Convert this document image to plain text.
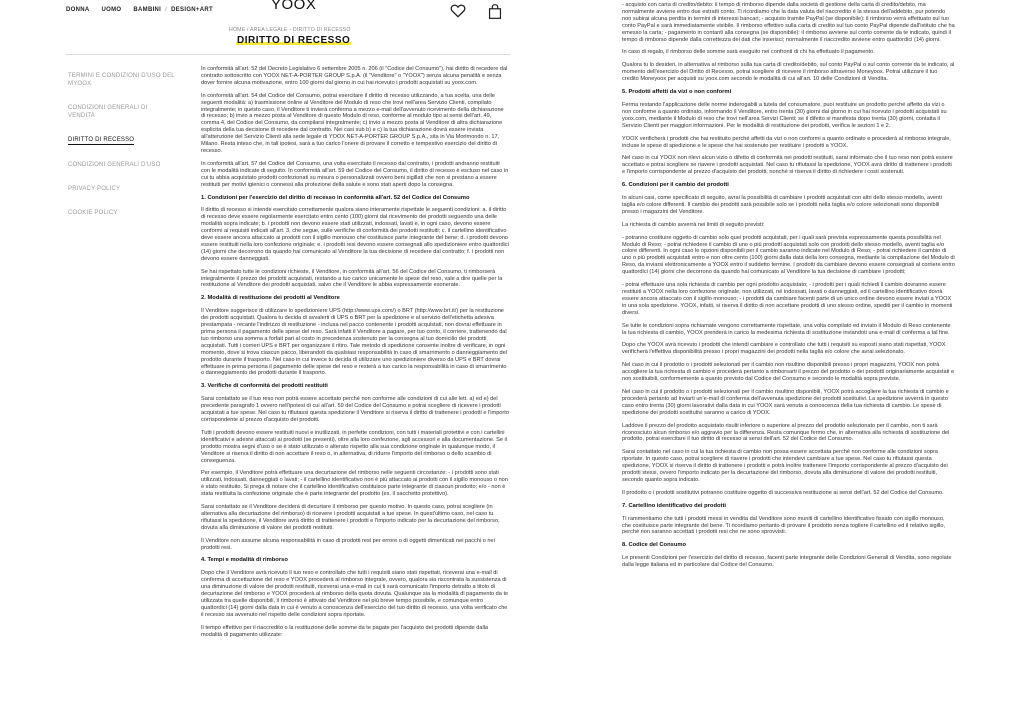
DONNA UOMO BAMBINI / DESIGN+ART	YOOX
HOME / AREA LEGALE - DIRITTO DI RECESSO
DIRITTO DI RECESSO
TERMINI E CONDIZIONI D'USO DEL MYOOX
CONDIZIONI GENERALI DI VENDITA
DIRITTO DI RECESSO
CONDIZIONI GENERALI D'USO
PRIVACY POLICY
COOKIE POLICY

In conformità all'art. 52 del Decreto Legislativo 6 settembre 2005 n. 206 (il "Codice del Consumo"), hai diritto di recedere dal contratto sottoscritto con YOOX NET-A-PORTER GROUP S.p.A. (il "Venditore" o "YOOX") senza alcuna penalità e senza dover fornire alcuna motivazione, entro 100 giorni dal giorno in cui hai ricevuto i prodotti acquistati su yoox.com.

In conformità all'art. 54 del Codice del Consumo, potrai esercitare il diritto di recesso utilizzando, a tua scelta, una delle seguenti modalità: a) trasmissione online al Venditore del Modulo di reso che trovi nell'area Servizio Clienti, compilato integralmente; in questo caso, il Venditore ti invierà conferma a mezzo e-mail dell'avvenuto ricevimento della dichiarazione di recesso; b) invio a mezzo posta al Venditore di questo Modulo di reso, conforme al modulo tipo ai sensi dell'art. 49, comma 4, del Codice del Consumo, da compilarsi integralmente; c) invio a mezzo posta al Venditore di altra dichiarazione esplicita della tua decisione di recedere dal contratto. Nei casi sub b) e c) la tua dichiarazione dovrà essere inviata all'attenzione del Servizio Clienti alla sede legale di YOOX NET-A-PORTER GROUP S.p.A., sita in Via Morimondo n. 17, Milano. Resta inteso che, in tali ipotesi, sarà a tuo carico l'onere di provare il corretto e tempestivo esercizio del diritto di recesso.

In conformità all'art. 57 del Codice del Consumo, una volta esercitato il recesso dal contratto, i prodotti andranno restituiti con le modalità indicate di seguito. In conformità all'art. 59 del Codice del Consumo, il diritto di recesso è escluso nel caso in cui tu abbia acquistato prodotti confezionati su misura o personalizzati ovvero beni sigillati che non si prestano a essere restituiti per motivi igienici o connessi alla protezione della salute e sono stati aperti dopo la consegna.

1. Condizioni per l'esercizio del diritto di recesso in conformità all'art. 52 del Codice del Consumo

Il diritto di recesso si intende esercitato correttamente qualora siano interamente rispettate le seguenti condizioni: a. il diritto di recesso deve essere regolarmente esercitato entro cento (100) giorni dal ricevimento dei prodotti seguendo una delle modalità sopra indicate; b. i prodotti non devono essere stati utilizzati, indossati, lavati e, in ogni caso, devono essere conformi ai requisiti indicati all'art. 3, che segue, sulle verifiche di conformità dei prodotti restituiti; c. il cartellino identificativo deve essere ancora attaccato ai prodotti con il sigillo monouso che costituisce parte integrante del bene; d. i prodotti devono essere restituiti nella loro confezione originale; e. i prodotti resi devono essere consegnati allo spedizioniere entro quattordici (14) giorni che decorrono da quando hai comunicato al Venditore la tua decisione di recedere dal contratto; f. i prodotti non devono essere danneggiati.

Se hai rispettato tutte le condizioni richieste, il Venditore, in conformità all'art. 56 del Codice del Consumo, ti rimborserà integralmente il prezzo dei prodotti acquistati, restando a tuo carico unicamente le spese del reso, vale a dire quelle per la restituzione al Venditore dei prodotti acquistati, salvo che il Venditore le abbia espressamente esonerate.

2. Modalità di restituzione dei prodotti al Venditore

Il Venditore suggerisce di utilizzare lo spedizioniere UPS (http://www.ups.com/) o BRT (http://www.brt.it/) per la restituzione dei prodotti acquistati. Qualora tu decida di avvalerti di UPS o BRT per la spedizione e al servizio dell'etichetta adesiva prestampata - recante l'indirizzo di restituzione - inclusa nel pacco contenente i prodotti acquistati, non dovrai effettuare in prima persona il pagamento delle spese del reso. Sarà infatti il Venditore a pagare, per tuo conto, il corriere, trattenendo dal tuo rimborso una somma a forfait pari al costo in precedenza sostenuto per la consegna al tuo domicilio dei prodotti acquistati. Tutti i corrieri UPS e BRT per organizzare il ritiro. Tale metodo di spedizione consente inoltre di verificare, in ogni momento, dove si trova ciascun pacco, liberandoti da qualsiasi responsabilità in caso di smarrimento o danneggiamento del prodotto durante il trasporto. Nel caso in cui invece tu decida di utilizzare uno spedizioniere diverso da UPS e BRT dovrai effettuare in prima persona il pagamento delle spese del reso e resterà a tuo carico la responsabilità in caso di smarrimento o danneggiamento dei prodotti durante il trasporto.

3. Verifiche di conformità dei prodotti restituiti

Sarai contattato se il tuo reso non potrà essere accettato perché non conforme alle condizioni di cui alle lett. a) ed e) del precedente paragrafo 1 ovvero nell'ipotesi di cui all'art. 59 del Codice del Consumo e potrai scegliere di ricevere i prodotti acquistati a tue spese. Nel caso tu rifiutassi questa spedizione il Venditore si riserva il diritto di trattenere i prodotti e l'importo corrispondente al prezzo d'acquisto dei prodotti.

Tutti i prodotti devono essere restituiti nuovi e inutilizzati, in perfette condizioni, con tutti i materiali protettivi e con i cartellini identificativi e adesivi attaccati ai prodotti (se presenti), oltre alla loro confezione, agli accessori e alla documentazione. Se il prodotto mostra segni d'uso o se è stato utilizzato o alterato rispetto alla sua condizione originale in qualunque modo, il Venditore si riserva il diritto di non accettare il reso o, in alternativa, di ridurre l'importo del rimborso o dello scambio di conseguenza.

Per esempio, il Venditore potrà effettuare una decurtazione del rimborso nelle seguenti circostanze: - i prodotti sono stati utilizzati, indossati, danneggiati o lavati; - il cartellino identificativo non è più attaccato ai prodotti con il sigillo monouso o non è stato restituito. Si prega di notare che il cartellino identificativo costituisce parte integrante di ciascun prodotto; e/o - non è stata restituita la confezione originale che è parte integrante del prodotto (es. il sacchetto protettivo).

Sarai contattato se il Venditore deciderà di decurtare il rimborso per questo motivo. In questo caso, potrai scegliere (in alternativa alla decurtazione del rimborso) di ricevere i prodotti acquistati a tue spese. In quest'ultimo caso, nel caso tu rifiutassi la spedizione, il Venditore avrà diritto di trattenere i prodotti e l'importo indicato per la decurtazione del rimborso, dovuta alla diminuzione di valore dei prodotti restituiti.

Il Venditore non assume alcuna responsabilità in caso di prodotti resi per errore o di oggetti dimenticati nei pacchi o nei prodotti resi.

4. Tempi e modalità di rimborso

Dopo che il Venditore avrà ricevuto il tuo reso e controllato che tutti i requisiti siano stati rispettati, riceverai una e-mail di conferma di accettazione del reso e YOOX procederà al rimborso integrale, ovvero, qualora sia riscontrata la sussistenza di una diminuzione di valore dei prodotti restituiti, riceverai una e-mail in cui ti sarà comunicato l'importo detratto a titolo di decurtazione del rimborso e YOOX procederà al rimborso della quota dovuta. Qualunque sia la modalità di pagamento da te utilizzata tra quelle disponibili, il rimborso è attivato dal Venditore nel più breve tempo possibile, e comunque entro quattordici (14) giorni dalla data in cui è venuto a conoscenza dell'esercizio del tuo diritto di recesso, una volta verificato che il recesso sia avvenuto nel rispetto delle condizioni sopra riportate.

Il tempo effettivo per il riaccredito o la restituzione delle somme da te pagate per l'acquisto dei prodotti dipende dalla modalità di pagamento utilizzate:

- acquisto con carta di credito/debito: il tempo di rimborso dipende dalla società di gestione della carta di credito/debito, ma normalmente avviene entro due estratti conto. Ti ricordiamo che la data valuta del riaccredito è la stessa dell'addebito, pur potendo non subirai alcuna perdita in termini di interessi bancari; - acquisto tramite PayPal (se disponibile): il rimborso verrà effettuato sul tuo conto PayPal e sarà immediatamente visibile. Il rimborso effettivo sulla carta di credito sul tuo conto PayPal dipende dall'istituto che ha emesso la carta; - pagamento in contanti alla consegna (se disponibile): il rimborso avviene sul conto corrente da te indicato, quindi il tempo di rimborso dipende dalla correttezza dei dati che inserisci; normalmente il riaccredito avviene entro quattordici (14) giorni.

In caso di regalo, il rimborso delle somme sarà eseguito nei confronti di chi ha effettuato il pagamento.

Qualora tu lo desideri, in alternativa al rimborso sulla tua carta di credito/debito, sul conto PayPal o sul conto corrente da te indicato, al momento dell'esercizio del Diritto di Recesso, potrai scegliere di ricevere il rimborso attraverso Moneyoox. Potrai utilizzare il tuo credito Moneyoox per acquisti su yoox.com secondo le modalità di cui all'art. 10 delle Condizioni di Vendita.

5. Prodotti affetti da vizi o non conformi

Ferma restando l'applicazione delle norme inderogabili a tutela del consumatore, puoi restituire un prodotto perché affetto da vizi o non conforme a quanto ordinato, informando il Venditore, entro trenta (30) giorni dal giorno in cui hai ricevuto i prodotti acquistati su yoox.com, mediante il Modulo di reso che trovi nell'area Servizi Clienti; se il difetto si manifesta dopo trenta (30) giorni, contatta il Servizio Clienti per maggiori informazioni. Per le modalità di restituzione dei prodotti, verifica le sezioni 1 e 2.

YOOX verificherà i prodotti che hai restituito perché affetti da vizi o non conformi a quanto ordinato e procederà al rimborso integrale, incluse le spese di spedizione e le spese che hai sostenuto per restituire i prodotti a YOOX.

Nel caso in cui YOOX non rilevi alcun vizio o difetto di conformità nei prodotti restituiti, sarai informato che il tuo reso non potrà essere accettato e potrai scegliere se riavere i prodotti acquistati. Nel caso tu rifiutassi la spedizione, YOOX avrà diritto di trattenere i prodotti e l'importo corrispondente al prezzo d'acquisto dei prodotti, nonché si riserva il diritto di richiedere i costi sostenuti.

6. Condizioni per il cambio dei prodotti

In alcuni casi, come specificato di seguito, avrai la possibilità di cambiare i prodotti acquistati con altri dello stesso modello, aventi taglia e/o colore differenti. Il cambio dei prodotti sarà possibile solo se i prodotti nella taglia e/o colore selezionati sono disponibili presso i magazzini del Venditore.

La richiesta di cambio avverrà nei limiti di seguito previsti:

- potranno costituire oggetto di cambio solo quei prodotti acquistati, per i quali sarà prevista espressamente questa possibilità nel Modulo di Reso; - potrai richiedere il cambio di uno o più prodotti acquistati solo con prodotti dello stesso modello, aventi taglia e/o colore differenti. In ogni caso le opzioni disponibili per il cambio saranno indicate nel Modulo di Reso; - potrai richiedere il cambio di uno o più prodotti acquistati entro e non oltre cento (100) giorni dalla data della loro consegna, mediante la compilazione del Modulo di Reso, da inviarsi elettronicamente a YOOX entro il suddetto termine. I prodotti da cambiare devono essere consegnati al corriere entro quattordici (14) giorni che decorrono da quando hai comunicato al Venditore la tua decisione di cambiare i prodotti;

- potrai effettuare una sola richiesta di cambio per ogni prodotto acquistato; - i prodotti per i quali richiedi il cambio dovranno essere restituiti a YOOX nella loro confezione originale, non utilizzati, né indossati, lavati o danneggiati, ed il cartellino identificativo dovrà essere ancora attaccato con il sigillo monouso; - i prodotti da cambiare facenti parte di un unico ordine devono essere inviati a YOOX in una sola spedizione. YOOX, infatti, si riserva il diritto di non accettare prodotti di uno stesso ordine, spediti per il cambio in momenti diversi.

Se tutte le condizioni sopra richiamate vengono correttamente rispettate, una volta compilato ed inviato il Modulo di Reso contenente la tua richiesta di cambio, YOOX prenderà in carico la medesima richiesta di sostituzione inviandoti una e-mail di conferma a tal fine.

Dopo che YOOX avrà ricevuto i prodotti che intendi cambiare e controllato che tutti i requisiti su esposti siano stati rispettati, YOOX verificherà l'effettiva disponibilità presso i propri magazzini dei prodotti nella taglia e/o colore che avrai selezionato.

Nel caso in cui il prodotto o i prodotti selezionati per il cambio non risultino disponibili presso i propri magazzini, YOOX non potrà accogliere la tua richiesta di cambio e procederà pertanto a rimborsarti il prezzo del prodotto o dei prodotti originariamente acquistati e non sostituibili, conformemente a quanto previsto dal Codice del Consumo e secondo le modalità sopra previste.

Nel caso in cui il prodotto o i prodotti selezionati per il cambio risultino disponibili, YOOX potrà accogliere la tua richiesta di cambio e procederà pertanto ad inviarti un'e-mail di conferma dell'avvenuta spedizione dei prodotti sostitutivi. La spedizione avverrà in questo caso entro trenta (30) giorni lavorativi dalla data in cui YOOX sarà venuta a conoscenza della tua richiesta di cambio. Le spese di spedizione dei prodotti sostitutivi saranno a carico di YOOX.

Laddove il prezzo del prodotto acquistato risulti inferiore o superiore al prezzo del prodotto selezionato per il cambio, non ti sarà riconosciuto alcun rimborso e/o aggravio per la differenza. Resta comunque fermo che, in alternativa alla richiesta di sostituzione del prodotto, potrai esercitare il tuo diritto di recesso ai sensi dell'art. 52 del Codice del Consumo.

Sarai contattato nel caso in cui la tua richiesta di cambio non possa essere accettata perché non conforme alle condizioni sopra riportate. In questo caso, potrai scegliere di riavere i prodotti che intendevi cambiare a tue spese. Nel caso tu rifiutassi questa spedizione, YOOX si riserva il diritto di trattenere i prodotti e potrà inoltre trattenere l'importo corrispondente al prezzo d'acquisto dei prodotti stessi, ovvero l'importo indicato per la decurtazione del rimborso, dovuta alla diminuzione di valore dei prodotti restituiti, secondo quanto sopra indicato.

Il prodotto o i prodotti sostitutivi potranno costituire oggetto di successiva restituzione ai sensi dell'art. 52 del Codice del Consumo.

7. Cartellino identificativo dei prodotti

Ti rammentiamo che tutti i prodotti messi in vendita dal Venditore sono muniti di cartellino identificativo fissato con sigillo monouso, che costituisce parte integrante del bene. Ti ricordiamo pertanto di provare il prodotto senza togliere il cartellino ed il relativo sigillo, perché non saranno accettati i prodotti resi che ne sono sprovvisti.

8. Codice del Consumo

Le presenti Condizioni per l'esercizio del diritto di recesso, facenti parte integrante delle Condizioni Generali di Vendita, sono regolate dalla legge italiana ed in particolare dal Codice del Consumo.
